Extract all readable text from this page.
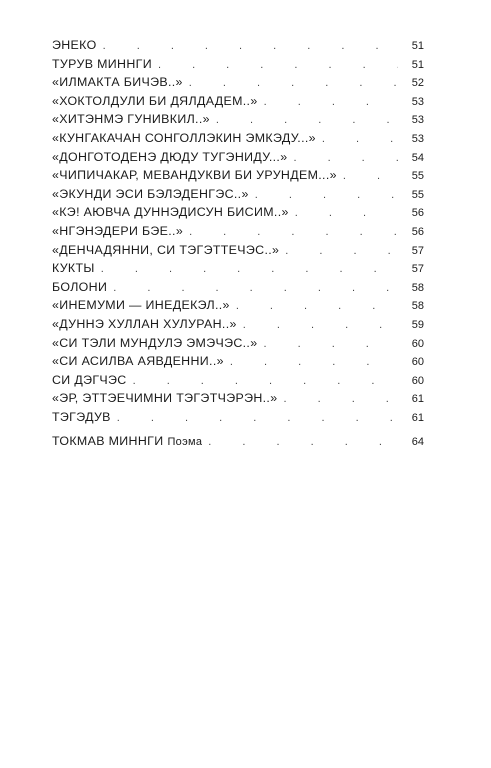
ЭНЕКО . . .	51
ТУРУВ МИННГИ . . .	51
«ИЛМАКТА БИЧЭВ..» . . .	52
«ХОКТОЛДУЛИ БИ ДЯЛДАДЕМ..» . . .	53
«ХИТЭНМЭ ГУНИВКИЛ..» . . .	53
«КУНГАКАЧАН СОНГОЛЛЭКИН ЭМКЭДУ...» . . .	53
«ДОНГОТОДЕНЭ ДЮДУ ТУГЭНИДУ...» . . .	54
«ЧИПИЧАКАР, МЕВАНДУКВИ БИ УРУНДЕМ...» . . .	55
«ЭКУНДИ ЭСИ БЭЛЭДЕНГЭС..» . . .	55
«КЭ! АЮВЧА ДУННЭДИСУН БИСИМ..» . . .	56
«НГЭНЭДЕРИ БЭЕ..» . . .	56
«ДЕНЧАДЯННИ, СИ ТЭГЭТТЕЧЭС..» . . .	57
КУКТЫ . . .	57
БОЛОНИ . . .	58
«ИНЕМУМИ — ИНЕДЕКЭЛ..» . . .	58
«ДУННЭ ХУЛЛАН ХУЛУРАН..» . . .	59
«СИ ТЭЛИ МУНДУЛЭ ЭМЭЧЭС..» . . .	60
«СИ АСИЛВА АЯВДЕННИ..» . . .	60
СИ ДЭГЧЭС . . .	60
«ЭР, ЭТТЭЕЧИМНИ ТЭГЭТЧЭРЭН..» . . .	61
ТЭГЭДУВ . . .	61
ТОКМАВ МИННГИ Поэма . . .	64
